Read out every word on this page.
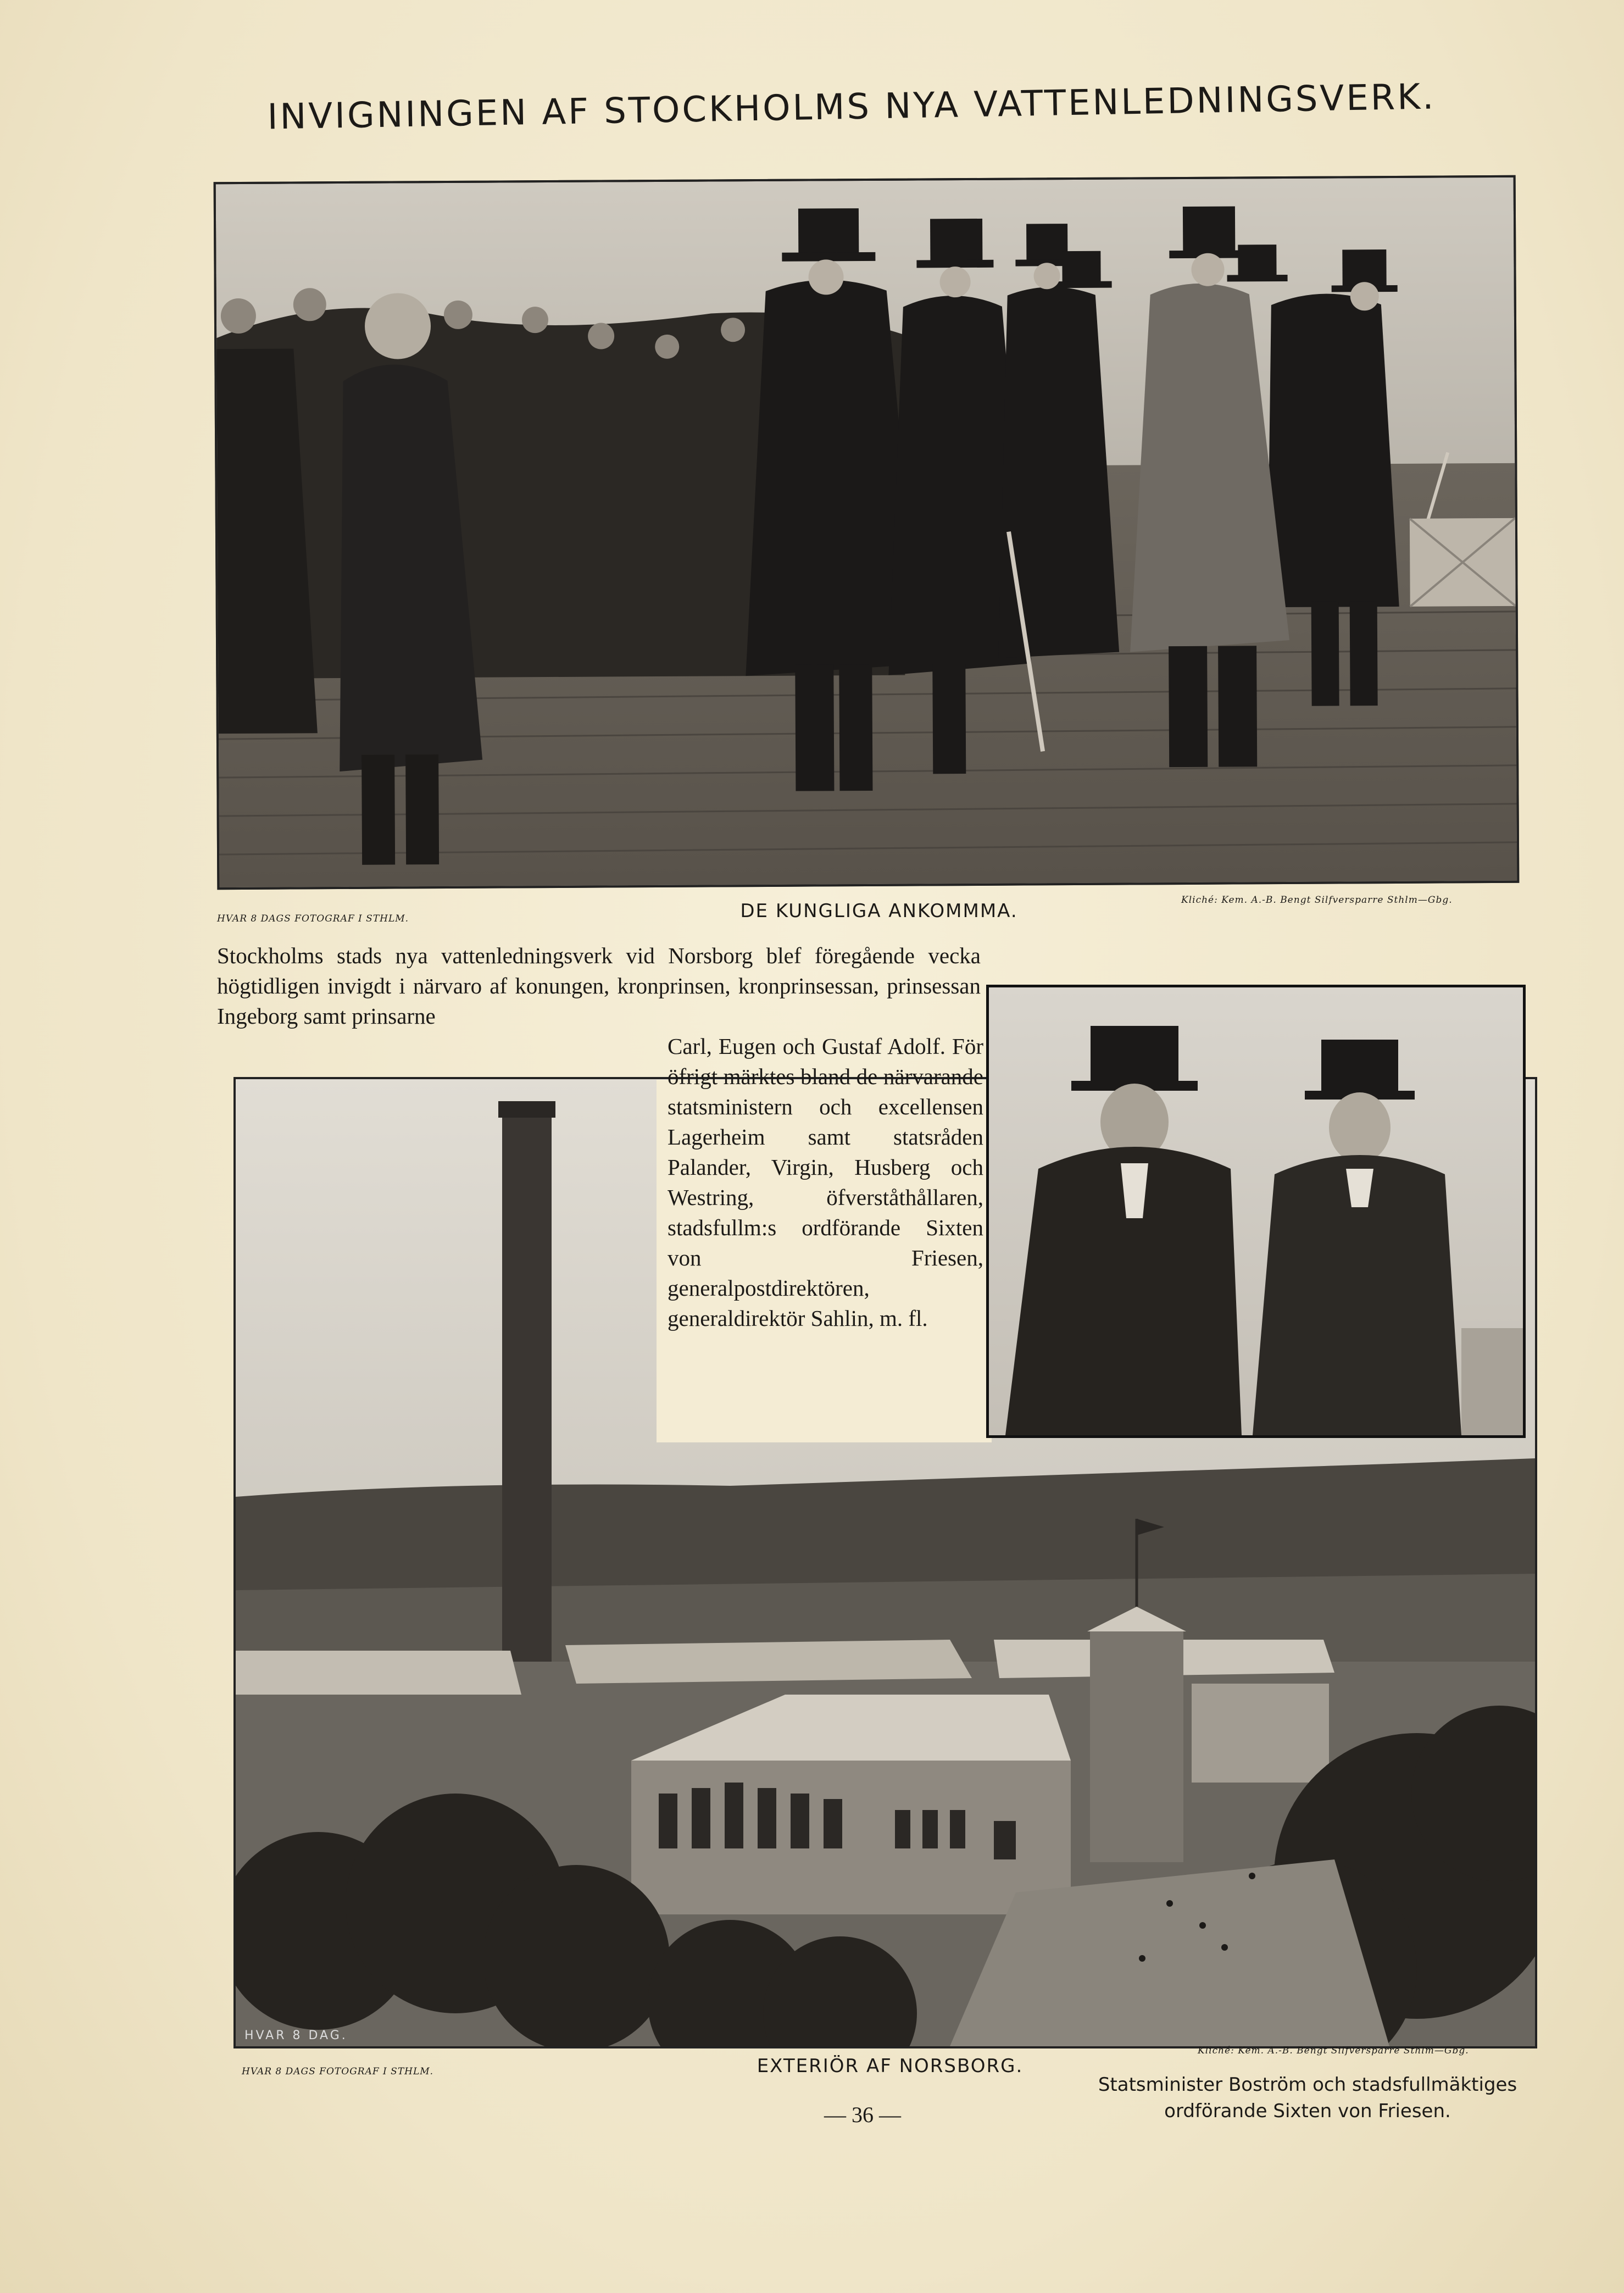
INVIGNINGEN AF STOCKHOLMS NYA VATTENLEDNINGSVERK.
HVAR 8 DAGS FOTOGRAF I STHLM.	DE KUNGLIGA ANKOMMMA.	Kliché: Kem. A.-B. Bengt Silfversparre Sthlm—Gbg.
Stockholms stads nya vattenledningsverk vid Norsborg blef föregående vecka högtidligen invigdt i närvaro af konungen, kronprinsen, kronprinsessan, prinsessan Ingeborg samt prinsarne
HVAR 8 DAG.
Carl, Eugen och Gustaf Adolf. För öfrigt märktes bland de närvarande statsministern och excellensen Lagerheim samt statsråden Palander, Virgin, Husberg och Westring, öfverståthållaren, stadsfullm:s ordförande Sixten von Friesen, generalpostdirektören, generaldirektör Sahlin, m. fl.
HVAR 8 DAGS FOTOGRAF I STHLM.	EXTERIÖR AF NORSBORG.
Kliché: Kem. A.-B. Bengt Silfversparre Sthlm—Gbg.
— 36 —
Statsminister Boström och stadsfullmäktiges
ordförande Sixten von Friesen.
